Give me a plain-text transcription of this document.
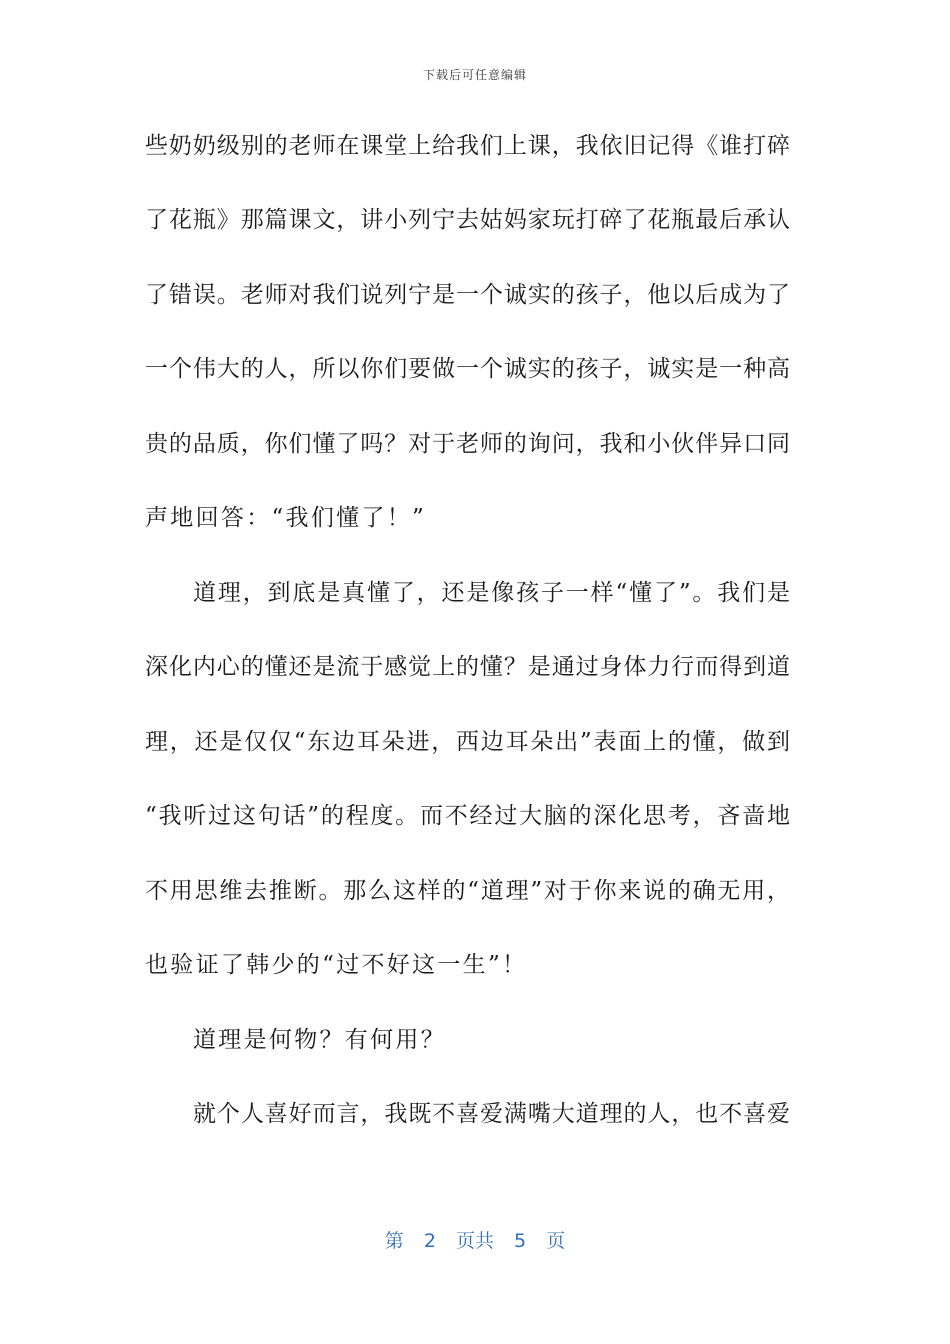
下载后可任意编辑
些奶奶级别的老师在课堂上给我们上课，我依旧记得《谁打碎
了花瓶》那篇课文，讲小列宁去姑妈家玩打碎了花瓶最后承认
了错误。老师对我们说列宁是一个诚实的孩子，他以后成为了
一个伟大的人，所以你们要做一个诚实的孩子，诚实是一种高
贵的品质，你们懂了吗？对于老师的询问，我和小伙伴异口同
声地回答：“我们懂了！”
道理，到底是真懂了，还是像孩子一样“懂了”。我们是
深化内心的懂还是流于感觉上的懂？是通过身体力行而得到道
理，还是仅仅“东边耳朵进，西边耳朵出”表面上的懂，做到
“我听过这句话”的程度。而不经过大脑的深化思考，吝啬地
不用思维去推断。那么这样的“道理”对于你来说的确无用，
也验证了韩少的“过不好这一生”！
道理是何物？有何用？
就个人喜好而言，我既不喜爱满嘴大道理的人，也不喜爱
第 2 页共 5 页
